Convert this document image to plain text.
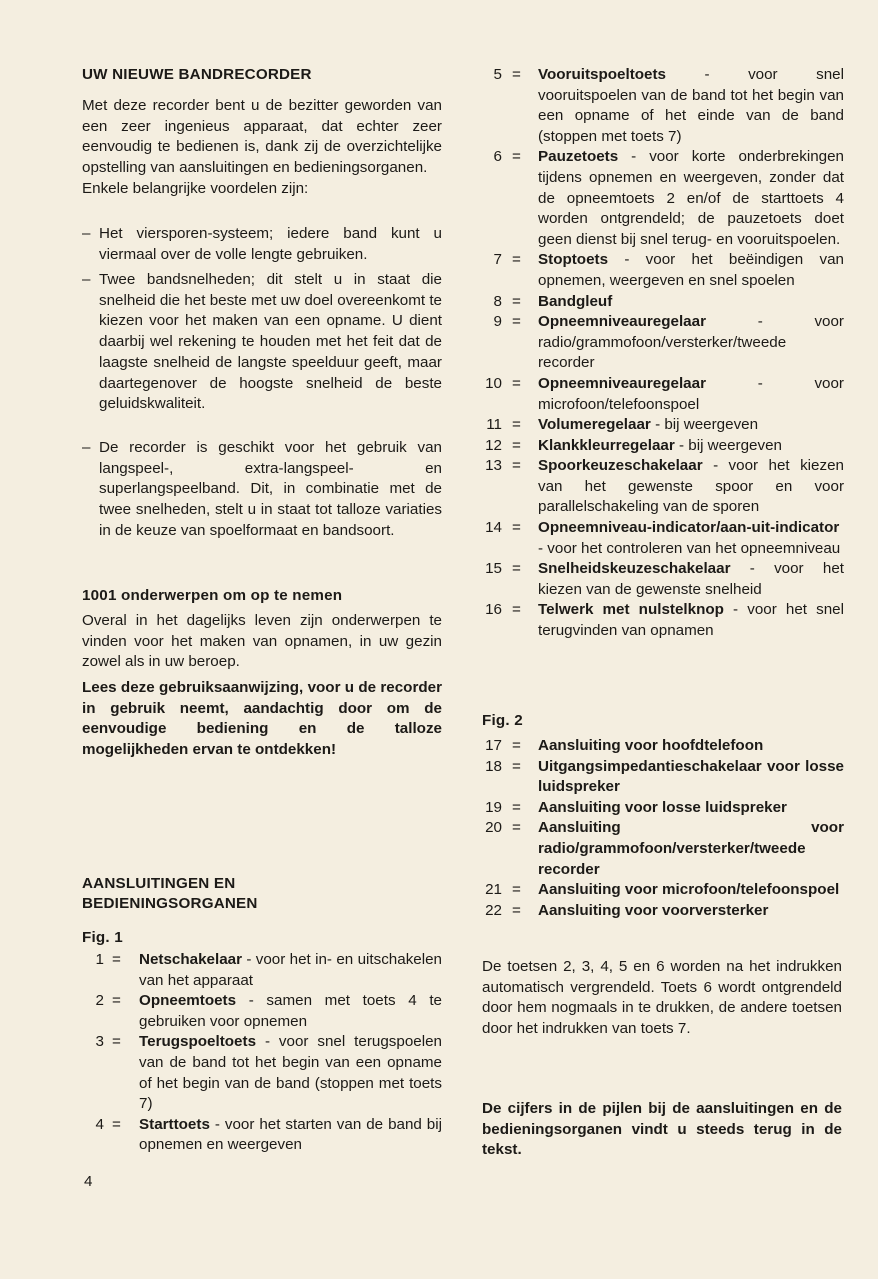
UW NIEUWE BANDRECORDER
Met deze recorder bent u de bezitter geworden van een zeer ingenieus apparaat, dat echter zeer eenvoudig te bedienen is, dank zij de overzichtelijke opstelling van aansluitingen en bedieningsorganen.
Enkele belangrijke voordelen zijn:
– Het viersporen-systeem; iedere band kunt u viermaal over de volle lengte gebruiken.
– Twee bandsnelheden; dit stelt u in staat die snelheid die het beste met uw doel overeenkomt te kiezen voor het maken van een opname. U dient daarbij wel rekening te houden met het feit dat de laagste snelheid de langste speelduur geeft, maar daartegenover de hoogste snelheid de beste geluidskwaliteit.
– De recorder is geschikt voor het gebruik van langspeel-, extra-langspeel- en superlangspeelband. Dit, in combinatie met de twee snelheden, stelt u in staat tot talloze variaties in de keuze van spoelformaat en bandsoort.
1001 onderwerpen om op te nemen
Overal in het dagelijks leven zijn onderwerpen te vinden voor het maken van opnamen, in uw gezin zowel als in uw beroep.
Lees deze gebruiksaanwijzing, voor u de recorder in gebruik neemt, aandachtig door om de eenvoudige bediening en de talloze mogelijkheden ervan te ontdekken!
AANSLUITINGEN EN
BEDIENINGSORGANEN
Fig. 1
1 = Netschakelaar - voor het in- en uitschakelen van het apparaat
2 = Opneemtoets - samen met toets 4 te gebruiken voor opnemen
3 = Terugspoeltoets - voor snel terugspoelen van de band tot het begin van een opname of het begin van de band (stoppen met toets 7)
4 = Starttoets - voor het starten van de band bij opnemen en weergeven
5 = Vooruitspoeltoets - voor snel vooruitspoelen van de band tot het begin van een opname of het einde van de band (stoppen met toets 7)
6 = Pauzetoets - voor korte onderbrekingen tijdens opnemen en weergeven, zonder dat de opneemtoets 2 en/of de starttoets 4 worden ontgrendeld; de pauzetoets doet geen dienst bij snel terug- en vooruitspoelen.
7 = Stoptoets - voor het beëindigen van opnemen, weergeven en snel spoelen
8 = Bandgleuf
9 = Opneemniveauregelaar - voor radio/grammofoon/versterker/tweede recorder
10 = Opneemniveauregelaar - voor microfoon/telefoonspoel
11 = Volumeregelaar - bij weergeven
12 = Klankkleurregelaar - bij weergeven
13 = Spoorkeuzeschakelaar - voor het kiezen van het gewenste spoor en voor parallelschakeling van de sporen
14 = Opneemniveau-indicator/aan-uit-indicator - voor het controleren van het opneemniveau
15 = Snelheidskeuzeschakelaar - voor het kiezen van de gewenste snelheid
16 = Telwerk met nulstelknop - voor het snel terugvinden van opnamen
Fig. 2
17 = Aansluiting voor hoofdtelefoon
18 = Uitgangsimpedantieschakelaar voor losse luidspreker
19 = Aansluiting voor losse luidspreker
20 = Aansluiting voor radio/grammofoon/versterker/tweede recorder
21 = Aansluiting voor microfoon/telefoonspoel
22 = Aansluiting voor voorversterker
De toetsen 2, 3, 4, 5 en 6 worden na het indrukken automatisch vergrendeld. Toets 6 wordt ontgrendeld door hem nogmaals in te drukken, de andere toetsen door het indrukken van toets 7.
De cijfers in de pijlen bij de aansluitingen en de bedieningsorganen vindt u steeds terug in de tekst.
4
